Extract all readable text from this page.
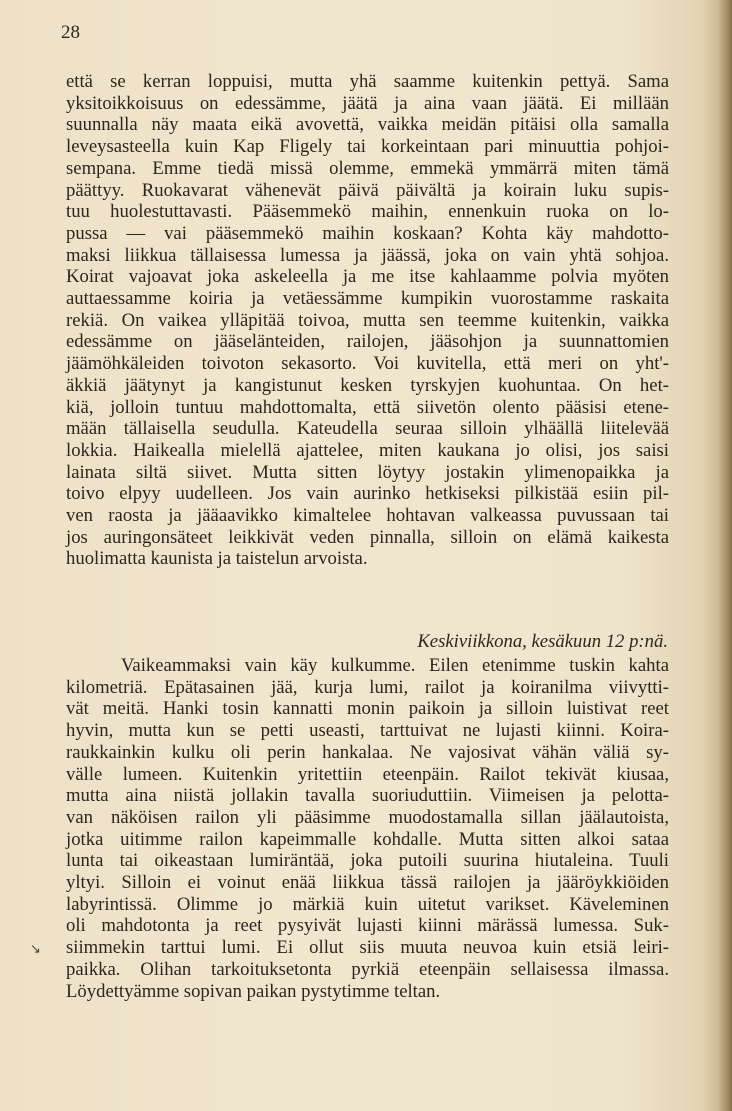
28
että se kerran loppuisi, mutta yhä saamme kuitenkin pettyä. Sama
yksitoikkoisuus on edessämme, jäätä ja aina vaan jäätä. Ei millään
suunnalla näy maata eikä avovettä, vaikka meidän pitäisi olla samalla
leveysasteella kuin Kap Fligely tai korkeintaan pari minuuttia pohjoi-
sempana. Emme tiedä missä olemme, emmekä ymmärrä miten tämä
päättyy. Ruokavarat vähenevät päivä päivältä ja koirain luku supis-
tuu huolestuttavasti. Pääsemmekö maihin, ennenkuin ruoka on lo-
pussa — vai pääsemmekö maihin koskaan? Kohta käy mahdotto-
maksi liikkua tällaisessa lumessa ja jäässä, joka on vain yhtä sohjoa.
Koirat vajoavat joka askeleella ja me itse kahlaamme polvia myöten
auttaessamme koiria ja vetäessämme kumpikin vuorostamme raskaita
rekiä. On vaikea ylläpitää toivoa, mutta sen teemme kuitenkin, vaikka
edessämme on jääselänteiden, railojen, jääsohjon ja suunnattomien
jäämöhkäleiden toivoton sekasorto. Voi kuvitella, että meri on yht'-
äkkiä jäätynyt ja kangistunut kesken tyrskyjen kuohuntaa. On het-
kiä, jolloin tuntuu mahdottomalta, että siivetön olento pääsisi etene-
mään tällaisella seudulla. Kateudella seuraa silloin ylhäällä liitelevää
lokkia. Haikealla mielellä ajattelee, miten kaukana jo olisi, jos saisi
lainata siltä siivet. Mutta sitten löytyy jostakin ylimenopaikka ja
toivo elpyy uudelleen. Jos vain aurinko hetkiseksi pilkistää esiin pil-
ven raosta ja jääaavikko kimaltelee hohtavan valkeassa puvussaan tai
jos auringonsäteet leikkivät veden pinnalla, silloin on elämä kaikesta
huolimatta kaunista ja taistelun arvoista.
Keskiviikkona, kesäkuun 12 p:nä.
Vaikeammaksi vain käy kulkumme. Eilen etenimme tuskin kahta
kilometriä. Epätasainen jää, kurja lumi, railot ja koiranilma viivytti-
vät meitä. Hanki tosin kannatti monin paikoin ja silloin luistivat reet
hyvin, mutta kun se petti useasti, tarttuivat ne lujasti kiinni. Koira-
raukkainkin kulku oli perin hankalaa. Ne vajosivat vähän väliä sy-
välle lumeen. Kuitenkin yritettiin eteenpäin. Railot tekivät kiusaa,
mutta aina niistä jollakin tavalla suoriuduttiin. Viimeisen ja pelotta-
van näköisen railon yli pääsimme muodostamalla sillan jäälautoista,
jotka uitimme railon kapeimmalle kohdalle. Mutta sitten alkoi sataa
lunta tai oikeastaan lumiräntää, joka putoili suurina hiutaleina. Tuuli
yltyi. Silloin ei voinut enää liikkua tässä railojen ja jääröykkiöiden
labyrintissä. Olimme jo märkiä kuin uitetut varikset. Käveleminen
oli mahdotonta ja reet pysyivät lujasti kiinni märässä lumessa. Suk-
siimmekin tarttui lumi. Ei ollut siis muuta neuvoa kuin etsiä leiri-
paikka. Olihan tarkoituksetonta pyrkiä eteenpäin sellaisessa ilmassa.
Löydettyämme sopivan paikan pystytimme teltan.
↘
